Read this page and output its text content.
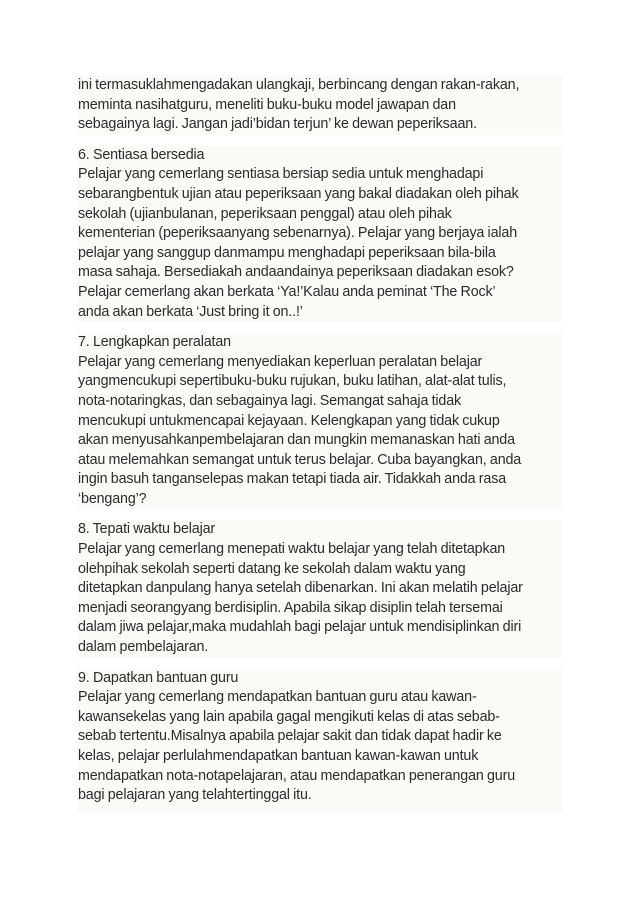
ini termasuklahmengadakan ulangkaji, berbincang dengan rakan-rakan,

meminta nasihatguru, meneliti buku-buku model jawapan dan

sebagainya lagi. Jangan jadi’bidan terjun’ ke dewan peperiksaan.

6. Sentiasa bersedia

Pelajar yang cemerlang sentiasa bersiap sedia untuk menghadapi

sebarangbentuk ujian atau peperiksaan yang bakal diadakan oleh pihak

sekolah (ujianbulanan, peperiksaan penggal) atau oleh pihak

kementerian (peperiksaanyang sebenarnya). Pelajar yang berjaya ialah

pelajar yang sanggup danmampu menghadapi peperiksaan bila-bila

masa sahaja. Bersediakah andaandainya peperiksaan diadakan esok?

Pelajar cemerlang akan berkata ‘Ya!’Kalau anda peminat ‘The Rock’

anda akan berkata ‘Just bring it on..!’

7. Lengkapkan peralatan

Pelajar yang cemerlang menyediakan keperluan peralatan belajar

yangmencukupi sepertibuku-buku rujukan, buku latihan, alat-alat tulis,

nota-notaringkas, dan sebagainya lagi. Semangat sahaja tidak

mencukupi untukmencapai kejayaan. Kelengkapan yang tidak cukup

akan menyusahkanpembelajaran dan mungkin memanaskan hati anda

atau melemahkan semangat untuk terus belajar. Cuba bayangkan, anda

ingin basuh tanganselepas makan tetapi tiada air. Tidakkah anda rasa

‘bengang’?

8. Tepati waktu belajar

Pelajar yang cemerlang menepati waktu belajar yang telah ditetapkan

olehpihak sekolah seperti datang ke sekolah dalam waktu yang

ditetapkan danpulang hanya setelah dibenarkan. Ini akan melatih pelajar

menjadi seorangyang berdisiplin. Apabila sikap disiplin telah tersemai

dalam jiwa pelajar,maka mudahlah bagi pelajar untuk mendisiplinkan diri

dalam pembelajaran.

9. Dapatkan bantuan guru

Pelajar yang cemerlang mendapatkan bantuan guru atau kawan-

kawansekelas yang lain apabila gagal mengikuti kelas di atas sebab-

sebab tertentu.Misalnya apabila pelajar sakit dan tidak dapat hadir ke

kelas, pelajar perlulahmendapatkan bantuan kawan-kawan untuk

mendapatkan nota-notapelajaran, atau mendapatkan penerangan guru

bagi pelajaran yang telahtertinggal itu.
